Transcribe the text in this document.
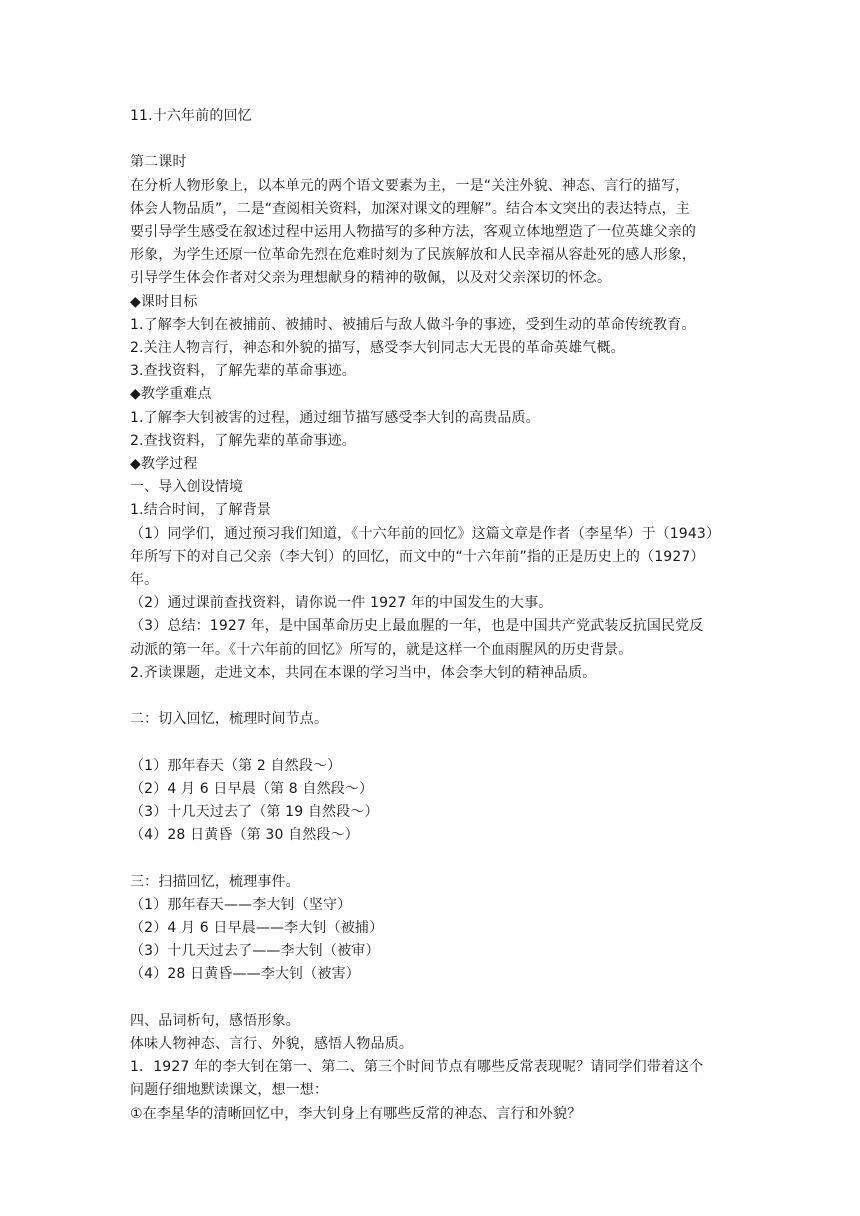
11.十六年前的回忆
第二课时
在分析人物形象上，以本单元的两个语文要素为主，一是“关注外貌、神态、言行的描写，
体会人物品质”，二是“查阅相关资料，加深对课文的理解”。结合本文突出的表达特点，主
要引导学生感受在叙述过程中运用人物描写的多种方法，客观立体地塑造了一位英雄父亲的
形象，为学生还原一位革命先烈在危难时刻为了民族解放和人民幸福从容赴死的感人形象，
引导学生体会作者对父亲为理想献身的精神的敬佩，以及对父亲深切的怀念。
◆课时目标
1.了解李大钊在被捕前、被捕时、被捕后与敌人做斗争的事迹，受到生动的革命传统教育。
2.关注人物言行，神态和外貌的描写，感受李大钊同志大无畏的革命英雄气概。
3.查找资料，了解先辈的革命事迹。
◆教学重难点
1.了解李大钊被害的过程，通过细节描写感受李大钊的高贵品质。
2.查找资料，了解先辈的革命事迹。
◆教学过程
一、导入创设情境
1.结合时间，了解背景
（1）同学们，通过预习我们知道，《十六年前的回忆》这篇文章是作者（李星华）于（1943）
年所写下的对自己父亲（李大钊）的回忆，而文中的“十六年前”指的正是历史上的（1927）
年。
（2）通过课前查找资料，请你说一件 1927 年的中国发生的大事。
（3）总结：1927 年，是中国革命历史上最血腥的一年，也是中国共产党武装反抗国民党反
动派的第一年。《十六年前的回忆》所写的，就是这样一个血雨腥风的历史背景。
2.齐读课题，走进文本，共同在本课的学习当中，体会李大钊的精神品质。
二：切入回忆，梳理时间节点。
（1）那年春天（第 2 自然段～）
（2）4 月 6 日早晨（第 8 自然段～）
（3）十几天过去了（第 19 自然段～）
（4）28 日黄昏（第 30 自然段～）
三：扫描回忆，梳理事件。
（1）那年春天——李大钊（坚守）
（2）4 月 6 日早晨——李大钊（被捕）
（3）十几天过去了——李大钊（被审）
（4）28 日黄昏——李大钊（被害）
四、品词析句，感悟形象。
体味人物神态、言行、外貌，感悟人物品质。
1．1927 年的李大钊在第一、第二、第三个时间节点有哪些反常表现呢？请同学们带着这个
问题仔细地默读课文，想一想：
①在李星华的清晰回忆中，李大钊身上有哪些反常的神态、言行和外貌？
